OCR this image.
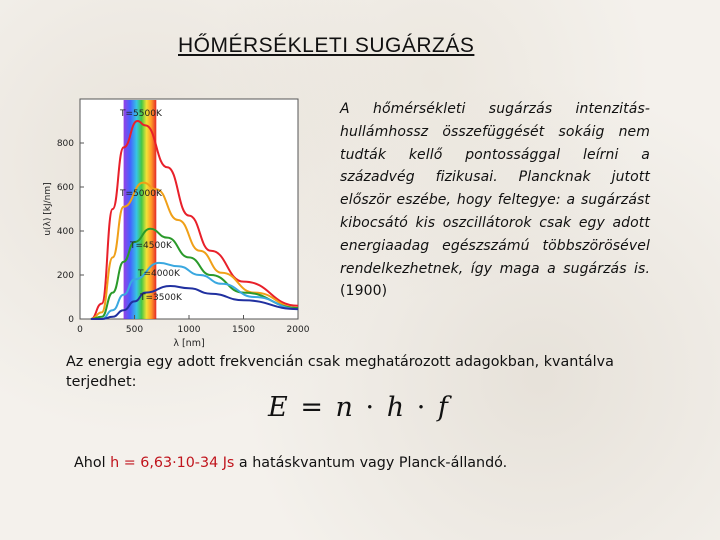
HŐMÉRSÉKLETI SUGÁRZÁS
T=5500K
T=5000K
T=4500K
T=4000K
T=3500K
0
200
400
600
800
0	500	1000	1500	2000
u(λ) [kJ/nm]
λ [nm]
A hőmérsékleti sugárzás intenzitás-hullámhossz összefüggését sokáig nem tudták kellő pontossággal leírni a századvég fizikusai. Plancknak jutott először eszébe, hogy feltegye: a sugárzást kibocsátó kis oszcillátorok csak egy adott energiaadag egészszámú többszörösével rendelkezhetnek, így maga a sugárzás is. (1900)
Az energia egy adott frekvencián csak meghatározott adagokban, kvantálva terjedhet:
E = n · h · f
Ahol h = 6,63·10-34 Js a hatáskvantum vagy Planck-állandó.
